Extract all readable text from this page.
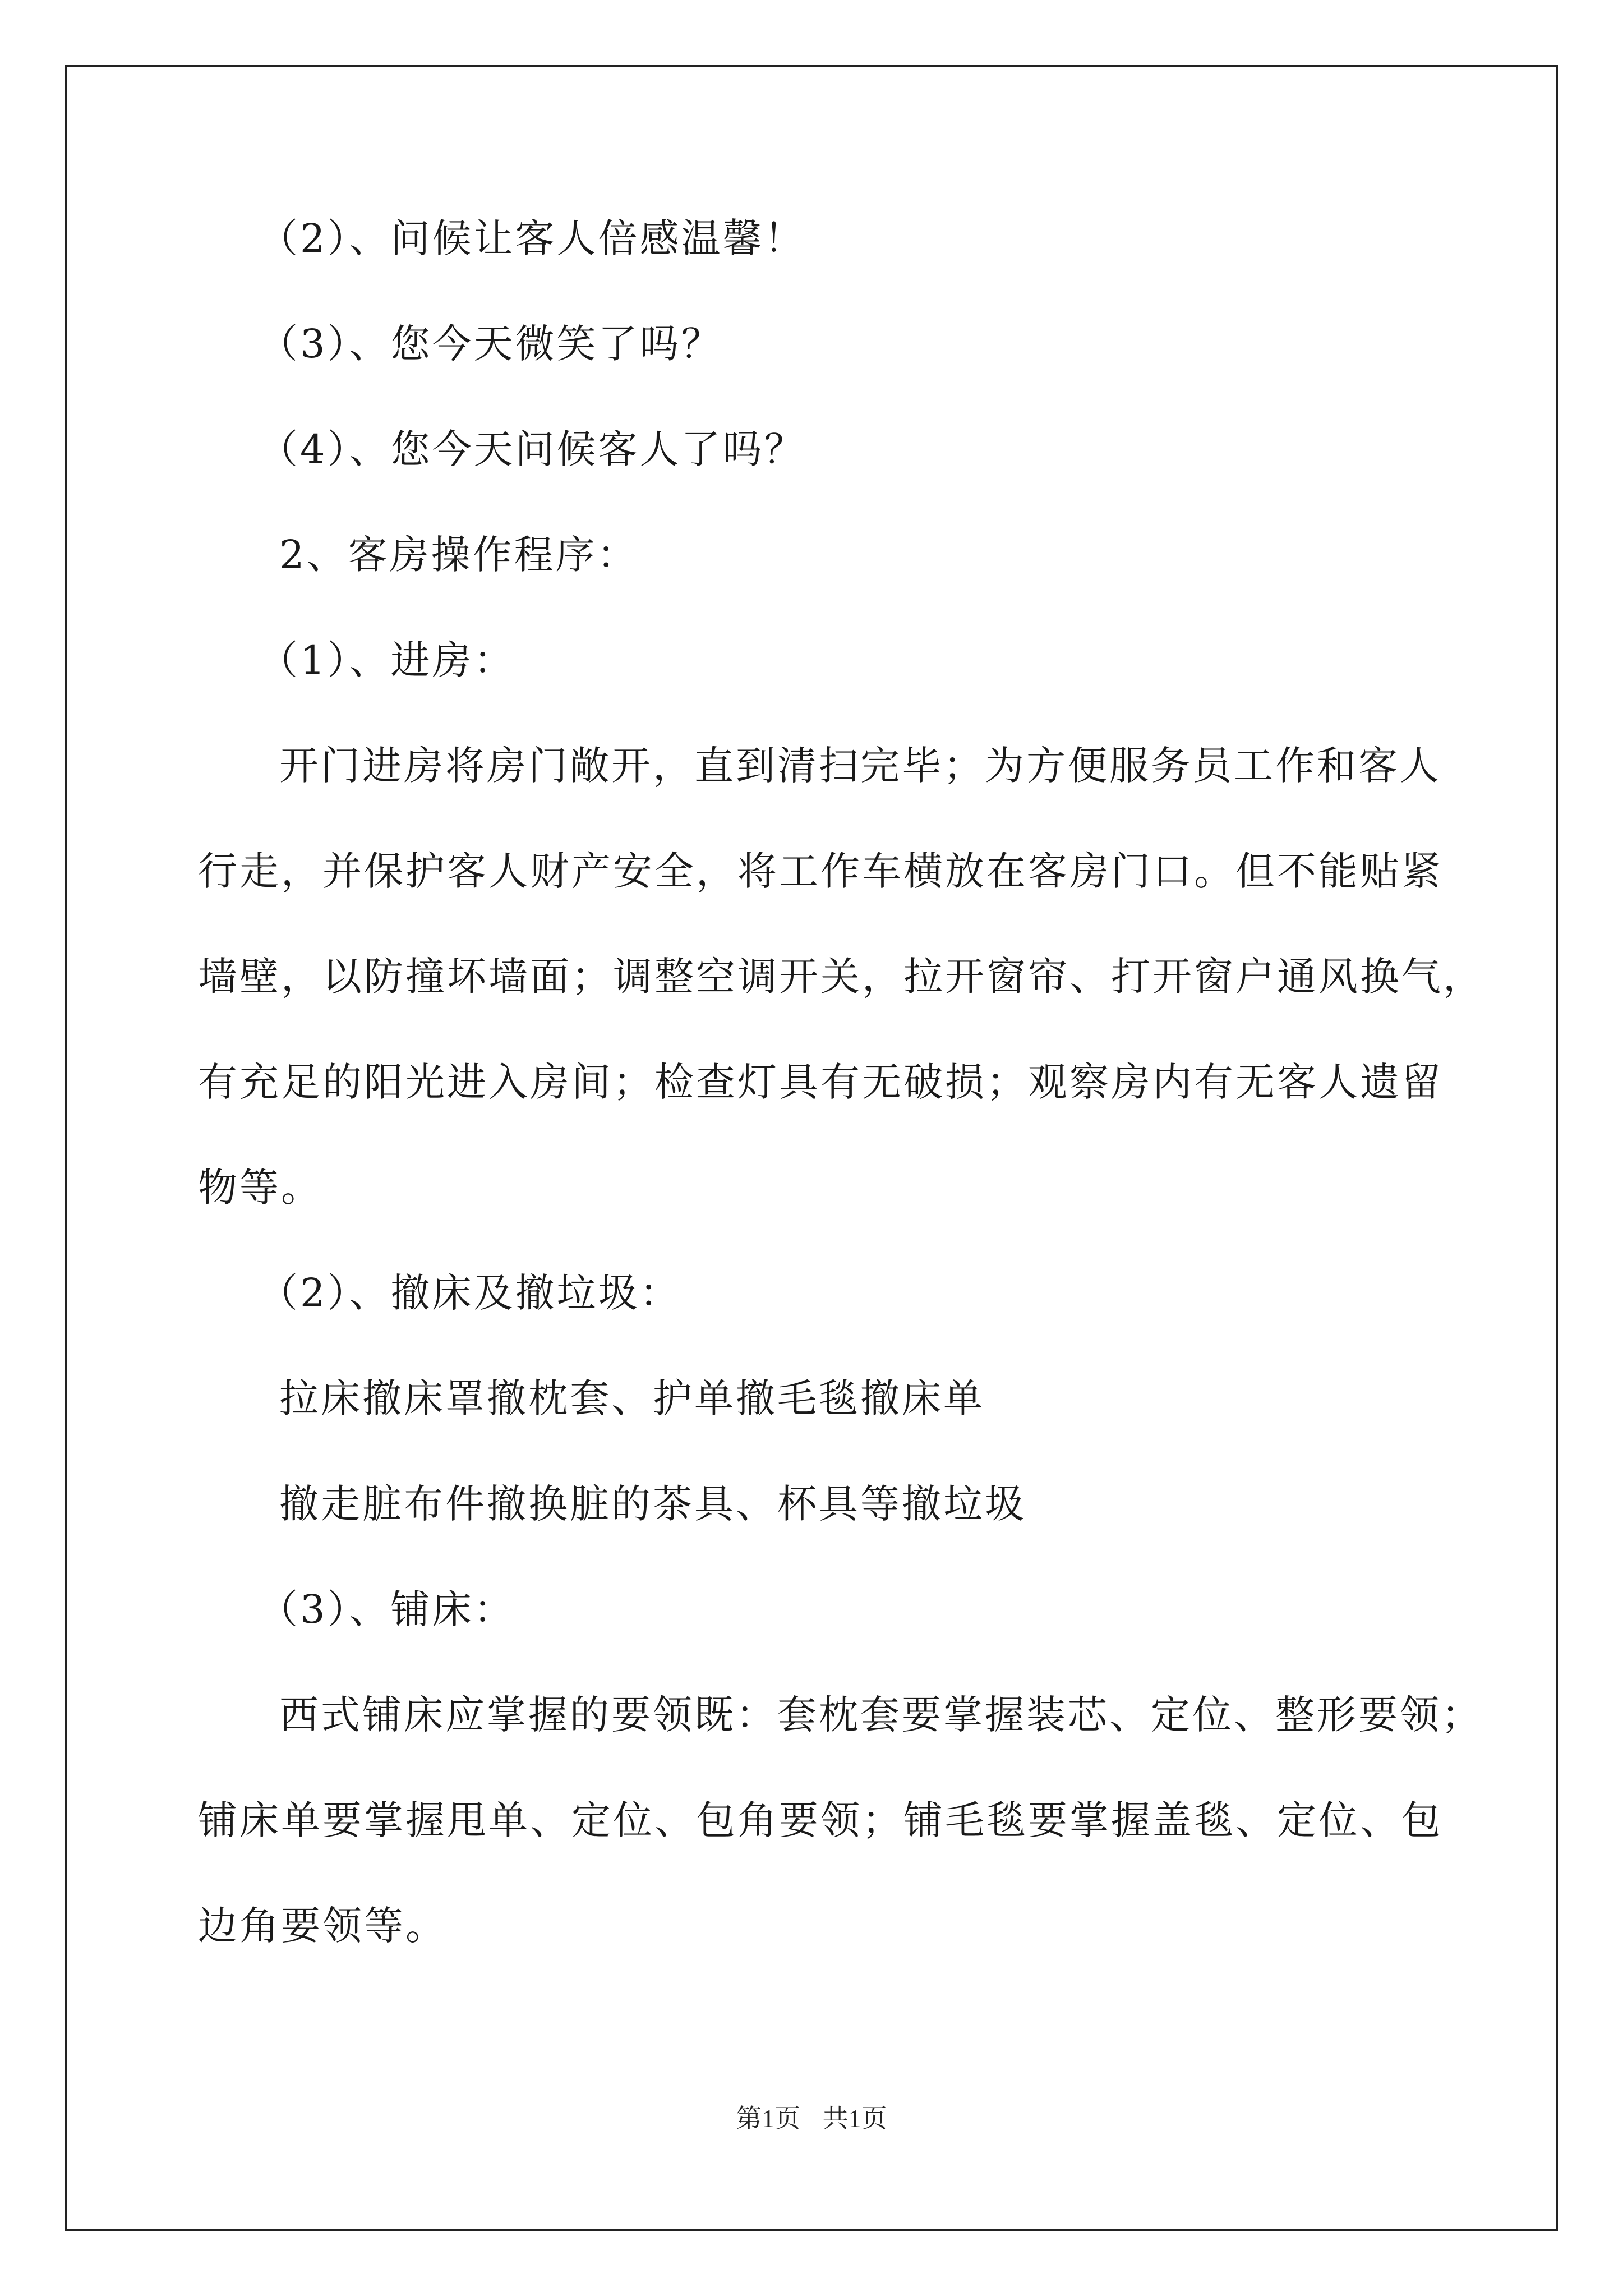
（2）、问候让客人倍感温馨！
（3）、您今天微笑了吗？
（4）、您今天问候客人了吗？
2、客房操作程序：
（1）、进房：
开门进房将房门敞开，直到清扫完毕；为方便服务员工作和客人
行走，并保护客人财产安全，将工作车横放在客房门口。但不能贴紧
墙壁，以防撞坏墙面；调整空调开关，拉开窗帘、打开窗户通风换气，
有充足的阳光进入房间；检查灯具有无破损；观察房内有无客人遗留
物等。
（2）、撤床及撤垃圾：
拉床撤床罩撤枕套、护单撤毛毯撤床单
撤走脏布件撤换脏的茶具、杯具等撤垃圾
（3）、铺床：
西式铺床应掌握的要领既：套枕套要掌握装芯、定位、整形要领；
铺床单要掌握甩单、定位、包角要领；铺毛毯要掌握盖毯、定位、包
边角要领等。
第1页 共1页
